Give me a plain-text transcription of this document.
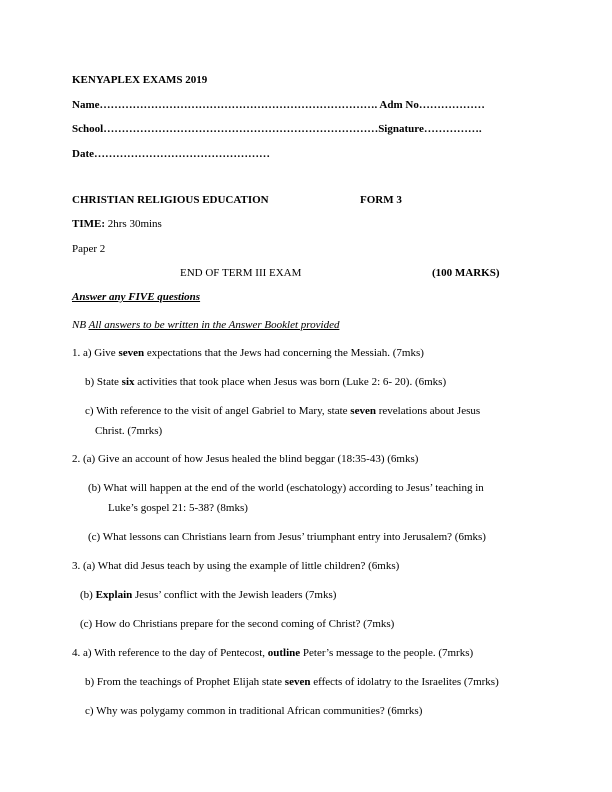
KENYAPLEX EXAMS 2019
Name…………………………………………………………………. Adm No………………
School…………………………………………………………………Signature…………….
Date…………………………………………
CHRISTIAN RELIGIOUS EDUCATION	FORM 3
TIME: 2hrs 30mins
Paper 2
END OF TERM III EXAM	(100 MARKS)
Answer any FIVE questions
NB All answers to be written in the Answer Booklet provided
1. a) Give seven expectations that the Jews had concerning the Messiah. (7mks)
b) State six activities that took place when Jesus was born (Luke 2: 6- 20). (6mks)
c) With reference to the visit of angel Gabriel to Mary, state seven revelations about Jesus
Christ. (7mrks)
2. (a) Give an account of how Jesus healed the blind beggar (18:35-43) (6mks)
(b) What will happen at the end of the world (eschatology) according to Jesus’ teaching in
Luke’s gospel 21: 5-38? (8mks)
(c) What lessons can Christians learn from Jesus’ triumphant entry into Jerusalem? (6mks)
3. (a) What did Jesus teach by using the example of little children? (6mks)
(b) Explain Jesus’ conflict with the Jewish leaders (7mks)
(c) How do Christians prepare for the second coming of Christ? (7mks)
4. a) With reference to the day of Pentecost, outline Peter’s message to the people. (7mrks)
b) From the teachings of Prophet Elijah state seven effects of idolatry to the Israelites (7mrks)
c) Why was polygamy common in traditional African communities? (6mrks)
